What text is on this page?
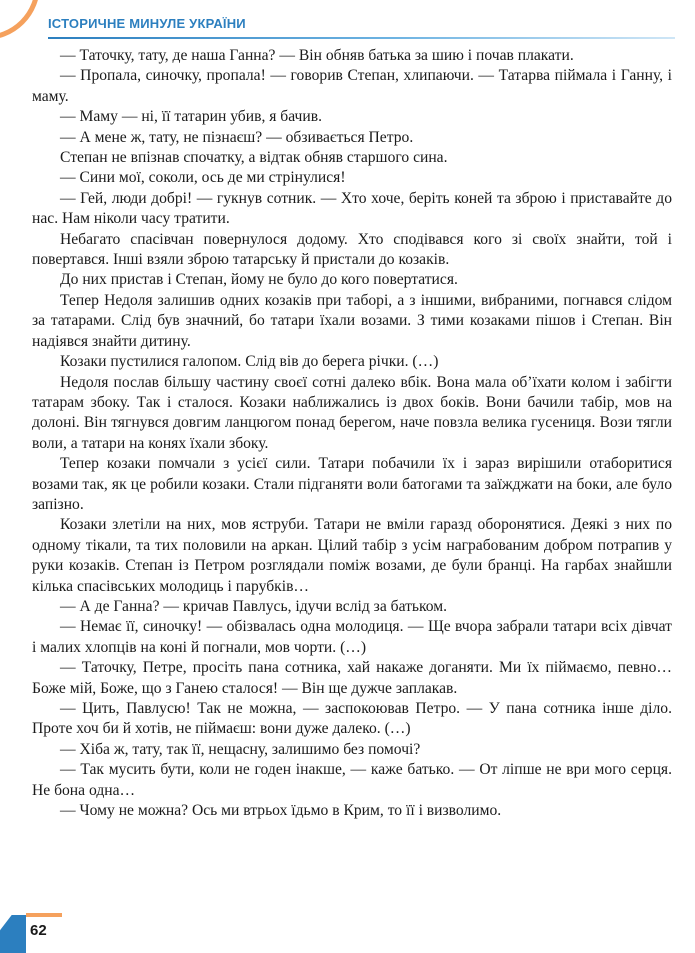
ІСТОРИЧНЕ МИНУЛЕ УКРАЇНИ

— Таточку, тату, де наша Ганна? — Він обняв батька за шию і почав плакати.

— Пропала, синочку, пропала! — говорив Степан, хлипаючи. — Татарва піймала і Ганну, і маму.

— Маму — ні, її татарин убив, я бачив.

— А мене ж, тату, не пізнаєш? — обзивається Петро.

Степан не впізнав спочатку, а відтак обняв старшого сина.

— Сини мої, соколи, ось де ми стрінулися!

— Гей, люди добрі! — гукнув сотник. — Хто хоче, беріть коней та зброю і приставайте до нас. Нам ніколи часу тратити.

Небагато спасівчан повернулося додому. Хто сподівався кого зі своїх знайти, той і повертався. Інші взяли зброю татарську й пристали до козаків.

До них пристав і Степан, йому не було до кого повертатися.

Тепер Недоля залишив одних козаків при таборі, а з іншими, вибраними, погнався слідом за татарами. Слід був значний, бо татари їхали возами. З тими козаками пішов і Степан. Він надіявся знайти дитину.

Козаки пустилися галопом. Слід вів до берега річки. (…)

Недоля послав більшу частину своєї сотні далеко вбік. Вона мала об’їхати колом і забігти татарам збоку. Так і сталося. Козаки наближались із двох боків. Вони бачили табір, мов на долоні. Він тягнувся довгим ланцюгом понад берегом, наче повзла велика гусениця. Вози тягли воли, а татари на конях їхали збоку.

Тепер козаки помчали з усієї сили. Татари побачили їх і зараз вирішили отаборитися возами так, як це робили козаки. Стали підганяти воли батогами та заїжджати на боки, але було запізно.

Козаки злетіли на них, мов яструби. Татари не вміли гаразд оборонятися. Деякі з них по одному тікали, та тих половили на аркан. Цілий табір з усім награбованим добром потрапив у руки козаків. Степан із Петром розглядали поміж возами, де були бранці. На гарбах знайшли кілька спасівських молодиць і парубків…

— А де Ганна? — кричав Павлусь, ідучи вслід за батьком.

— Немає її, синочку! — обізвалась одна молодиця. — Ще вчора забрали татари всіх дівчат і малих хлопців на коні й погнали, мов чорти. (…)

— Таточку, Петре, просіть пана сотника, хай накаже доганяти. Ми їх піймаємо, певно… Боже мій, Боже, що з Ганею сталося! — Він ще дужче заплакав.

— Цить, Павлусю! Так не можна, — заспокоював Петро. — У пана сотника інше діло. Проте хоч би й хотів, не піймаєш: вони дуже далеко. (…)

— Хіба ж, тату, так її, нещасну, залишимо без помочі?

— Так мусить бути, коли не годен інакше, — каже батько. — От ліпше не ври мого серця. Не бона одна…

— Чому не можна? Ось ми втрьох їдьмо в Крим, то її і визволимо.

62
